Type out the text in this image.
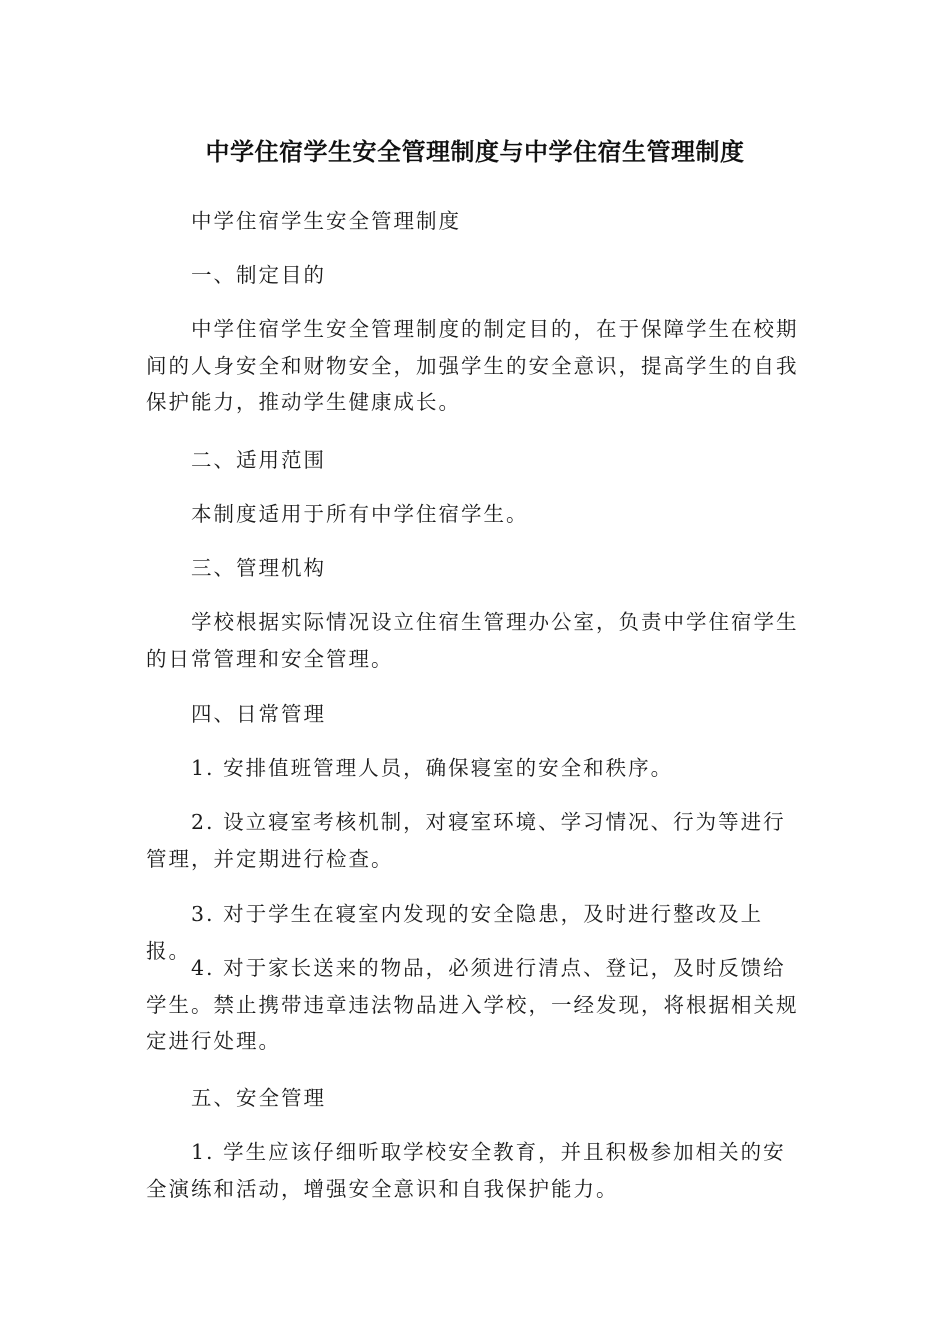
中学住宿学生安全管理制度与中学住宿生管理制度
中学住宿学生安全管理制度
一、制定目的
中学住宿学生安全管理制度的制定目的，在于保障学生在校期间的人身安全和财物安全，加强学生的安全意识，提高学生的自我保护能力，推动学生健康成长。
二、适用范围
本制度适用于所有中学住宿学生。
三、管理机构
学校根据实际情况设立住宿生管理办公室，负责中学住宿学生的日常管理和安全管理。
四、日常管理
1. 安排值班管理人员，确保寝室的安全和秩序。
2. 设立寝室考核机制，对寝室环境、学习情况、行为等进行管理，并定期进行检查。
3. 对于学生在寝室内发现的安全隐患，及时进行整改及上报。
4. 对于家长送来的物品，必须进行清点、登记，及时反馈给学生。禁止携带违章违法物品进入学校，一经发现，将根据相关规定进行处理。
五、安全管理
1. 学生应该仔细听取学校安全教育，并且积极参加相关的安全演练和活动，增强安全意识和自我保护能力。
